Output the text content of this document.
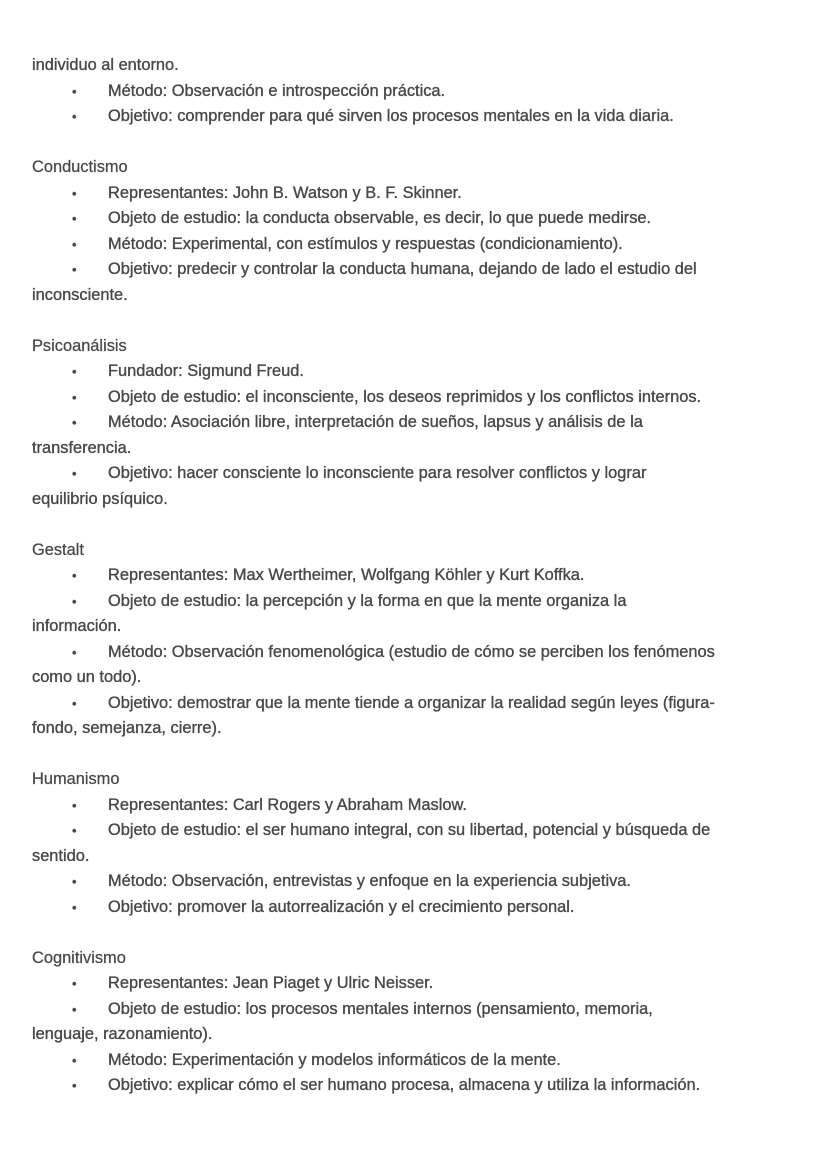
individuo al entorno.

• Método: Observación e introspección práctica.

• Objetivo: comprender para qué sirven los procesos mentales en la vida diaria.

Conductismo

• Representantes: John B. Watson y B. F. Skinner.

• Objeto de estudio: la conducta observable, es decir, lo que puede medirse.

• Método: Experimental, con estímulos y respuestas (condicionamiento).

• Objetivo: predecir y controlar la conducta humana, dejando de lado el estudio del

inconsciente.

Psicoanálisis

• Fundador: Sigmund Freud.

• Objeto de estudio: el inconsciente, los deseos reprimidos y los conflictos internos.

• Método: Asociación libre, interpretación de sueños, lapsus y análisis de la

transferencia.

• Objetivo: hacer consciente lo inconsciente para resolver conflictos y lograr

equilibrio psíquico.

Gestalt

• Representantes: Max Wertheimer, Wolfgang Köhler y Kurt Koffka.

• Objeto de estudio: la percepción y la forma en que la mente organiza la

información.

• Método: Observación fenomenológica (estudio de cómo se perciben los fenómenos

como un todo).

• Objetivo: demostrar que la mente tiende a organizar la realidad según leyes (figura-

fondo, semejanza, cierre).

Humanismo

• Representantes: Carl Rogers y Abraham Maslow.

• Objeto de estudio: el ser humano integral, con su libertad, potencial y búsqueda de

sentido.

• Método: Observación, entrevistas y enfoque en la experiencia subjetiva.

• Objetivo: promover la autorrealización y el crecimiento personal.

Cognitivismo

• Representantes: Jean Piaget y Ulric Neisser.

• Objeto de estudio: los procesos mentales internos (pensamiento, memoria,

lenguaje, razonamiento).

• Método: Experimentación y modelos informáticos de la mente.

• Objetivo: explicar cómo el ser humano procesa, almacena y utiliza la información.
